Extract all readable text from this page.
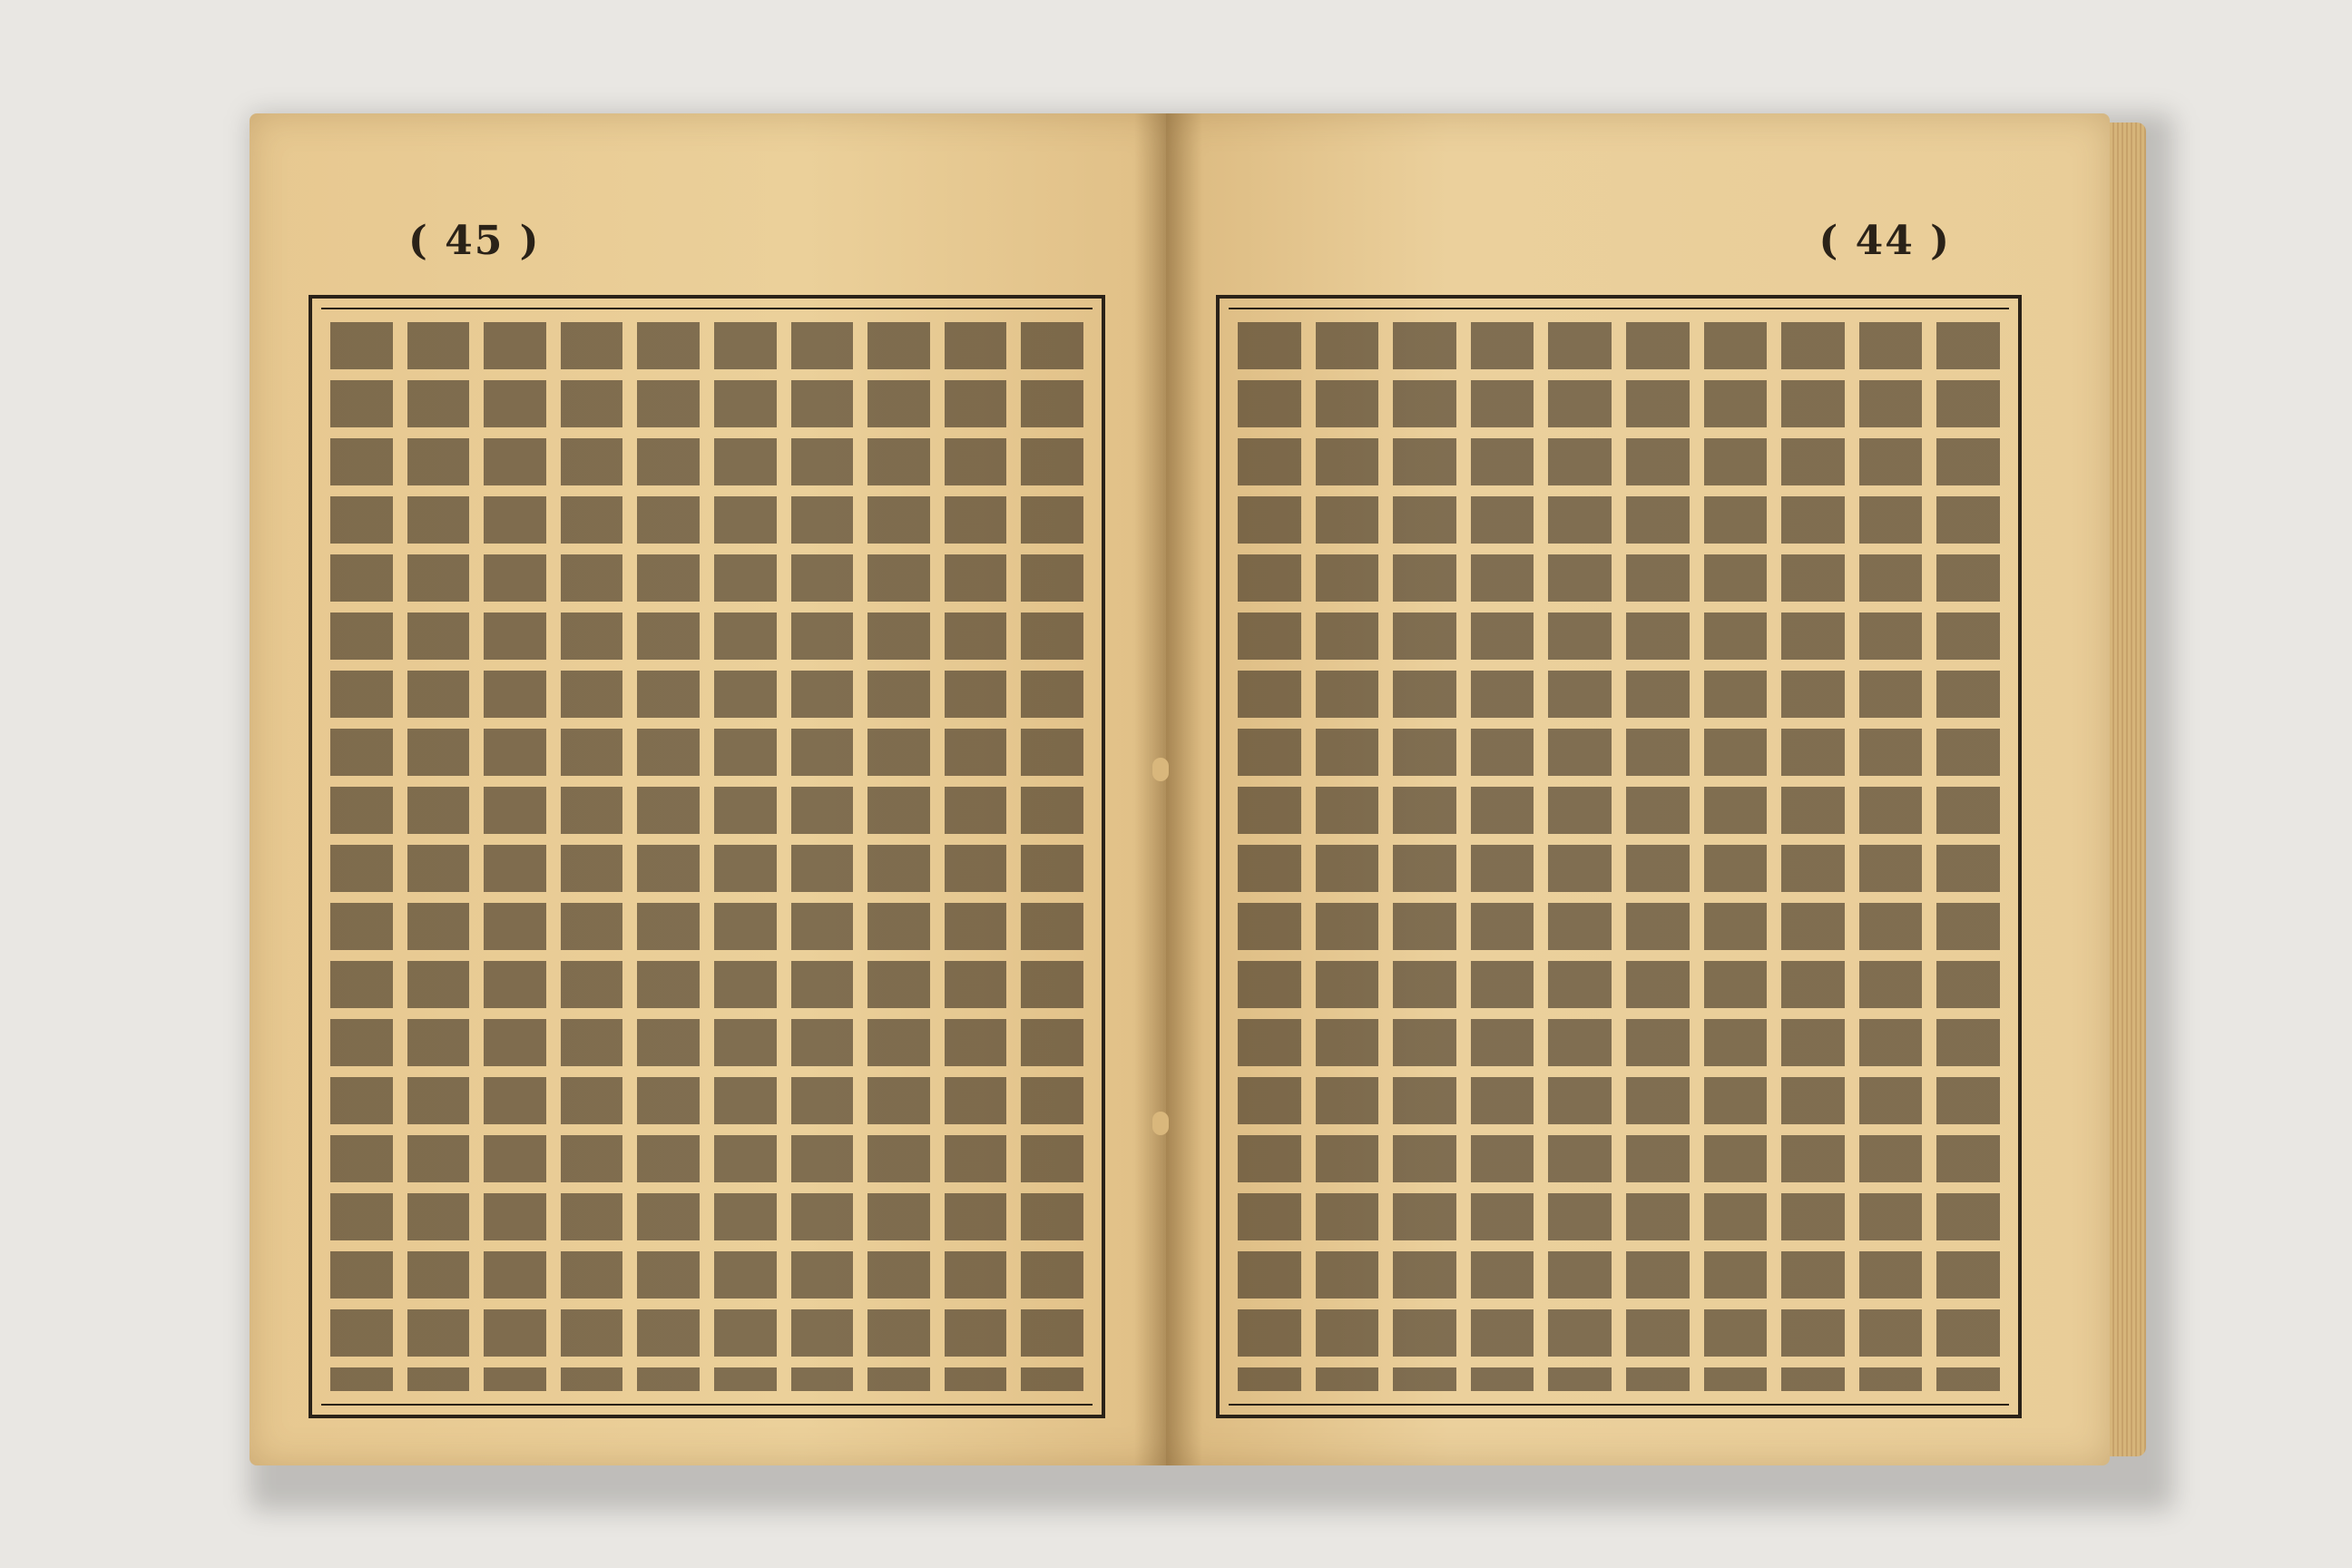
( 45 )	( 44 )
